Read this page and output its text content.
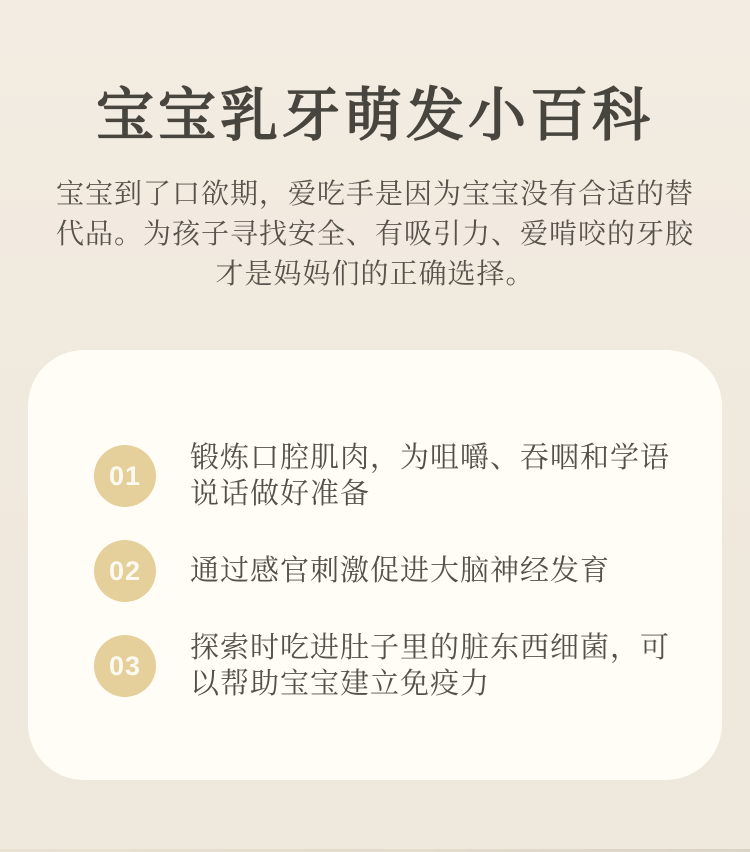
宝宝乳牙萌发小百科

宝宝到了口欲期，爱吃手是因为宝宝没有合适的替代品。为孩子寻找安全、有吸引力、爱啃咬的牙胶才是妈妈们的正确选择。

01
锻炼口腔肌肉，为咀嚼、吞咽和学语说话做好准备
02	通过感官刺激促进大脑神经发育
03
探索时吃进肚子里的脏东西细菌，可以帮助宝宝建立免疫力
